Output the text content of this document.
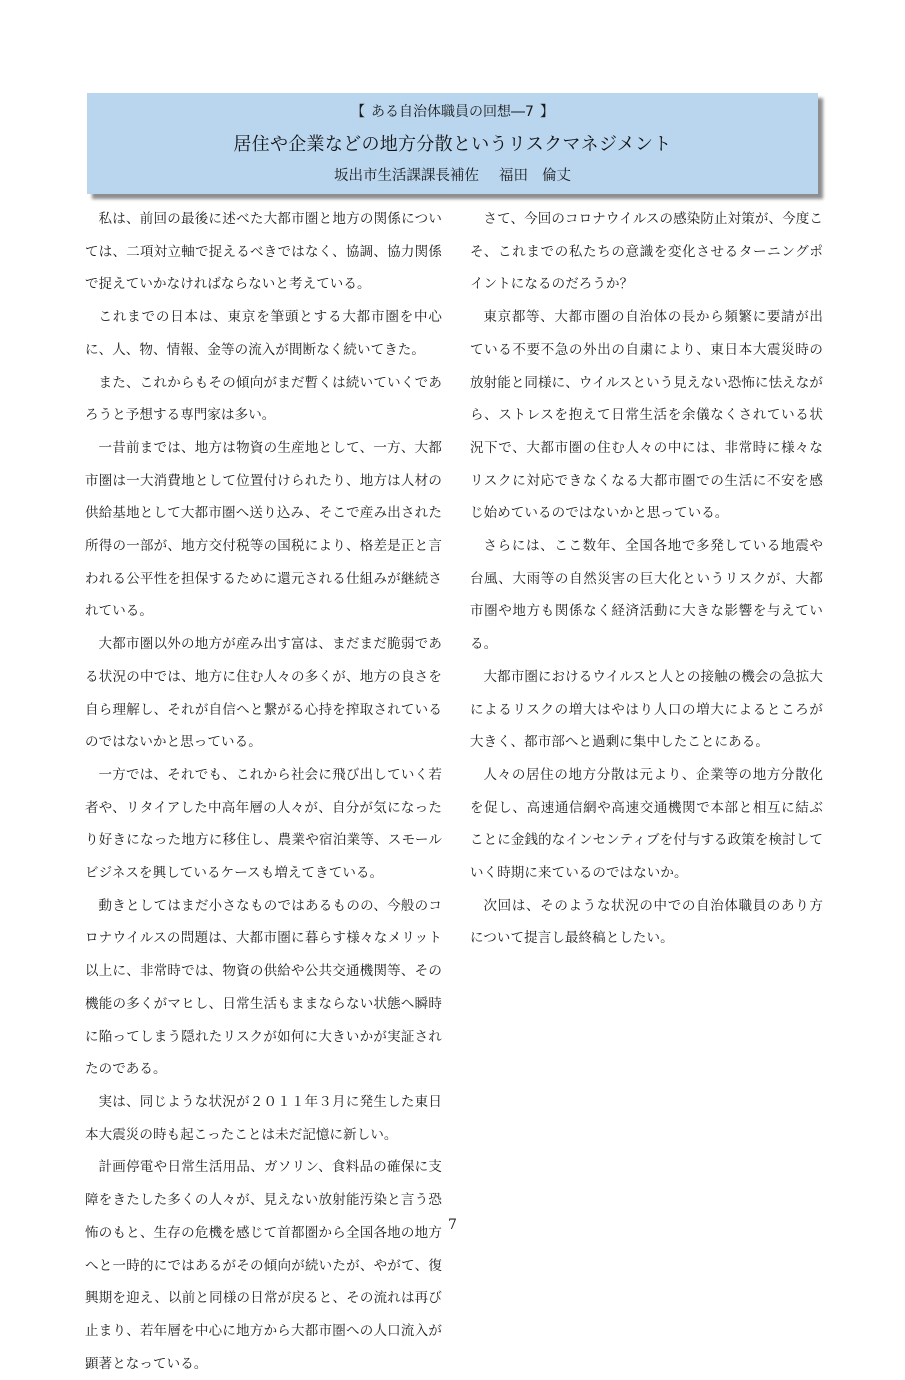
【 ある自治体職員の回想―7 】
居住や企業などの地方分散というリスクマネジメント
坂出市生活課課長補佐 福田 倫丈

私は、前回の最後に述べた大都市圏と地方の関係については、二項対立軸で捉えるべきではなく、協調、協力関係で捉えていかなければならないと考えている。

これまでの日本は、東京を筆頭とする大都市圏を中心に、人、物、情報、金等の流入が間断なく続いてきた。

また、これからもその傾向がまだ暫くは続いていくであろうと予想する専門家は多い。

一昔前までは、地方は物資の生産地として、一方、大都市圏は一大消費地として位置付けられたり、地方は人材の供給基地として大都市圏へ送り込み、そこで産み出された所得の一部が、地方交付税等の国税により、格差是正と言われる公平性を担保するために還元される仕組みが継続されている。

大都市圏以外の地方が産み出す富は、まだまだ脆弱である状況の中では、地方に住む人々の多くが、地方の良さを自ら理解し、それが自信へと繋がる心持を搾取されているのではないかと思っている。

一方では、それでも、これから社会に飛び出していく若者や、リタイアした中高年層の人々が、自分が気になったり好きになった地方に移住し、農業や宿泊業等、スモールビジネスを興しているケースも増えてきている。

動きとしてはまだ小さなものではあるものの、今般のコロナウイルスの問題は、大都市圏に暮らす様々なメリット以上に、非常時では、物資の供給や公共交通機関等、その機能の多くがマヒし、日常生活もままならない状態へ瞬時に陥ってしまう隠れたリスクが如何に大きいかが実証されたのである。

実は、同じような状況が２０１１年３月に発生した東日本大震災の時も起こったことは未だ記憶に新しい。

計画停電や日常生活用品、ガソリン、食料品の確保に支障をきたした多くの人々が、見えない放射能汚染と言う恐怖のもと、生存の危機を感じて首都圏から全国各地の地方へと一時的にではあるがその傾向が続いたが、やがて、復興期を迎え、以前と同様の日常が戻ると、その流れは再び止まり、若年層を中心に地方から大都市圏への人口流入が顕著となっている。

さて、今回のコロナウイルスの感染防止対策が、今度こそ、これまでの私たちの意識を変化させるターニングポイントになるのだろうか？

東京都等、大都市圏の自治体の長から頻繁に要請が出ている不要不急の外出の自粛により、東日本大震災時の放射能と同様に、ウイルスという見えない恐怖に怯えながら、ストレスを抱えて日常生活を余儀なくされている状況下で、大都市圏の住む人々の中には、非常時に様々なリスクに対応できなくなる大都市圏での生活に不安を感じ始めているのではないかと思っている。

さらには、ここ数年、全国各地で多発している地震や台風、大雨等の自然災害の巨大化というリスクが、大都市圏や地方も関係なく経済活動に大きな影響を与えている。

大都市圏におけるウイルスと人との接触の機会の急拡大によるリスクの増大はやはり人口の増大によるところが大きく、都市部へと過剰に集中したことにある。

人々の居住の地方分散は元より、企業等の地方分散化を促し、高速通信網や高速交通機関で本部と相互に結ぶことに金銭的なインセンティブを付与する政策を検討していく時期に来ているのではないか。

次回は、そのような状況の中での自治体職員のあり方について提言し最終稿としたい。

7
